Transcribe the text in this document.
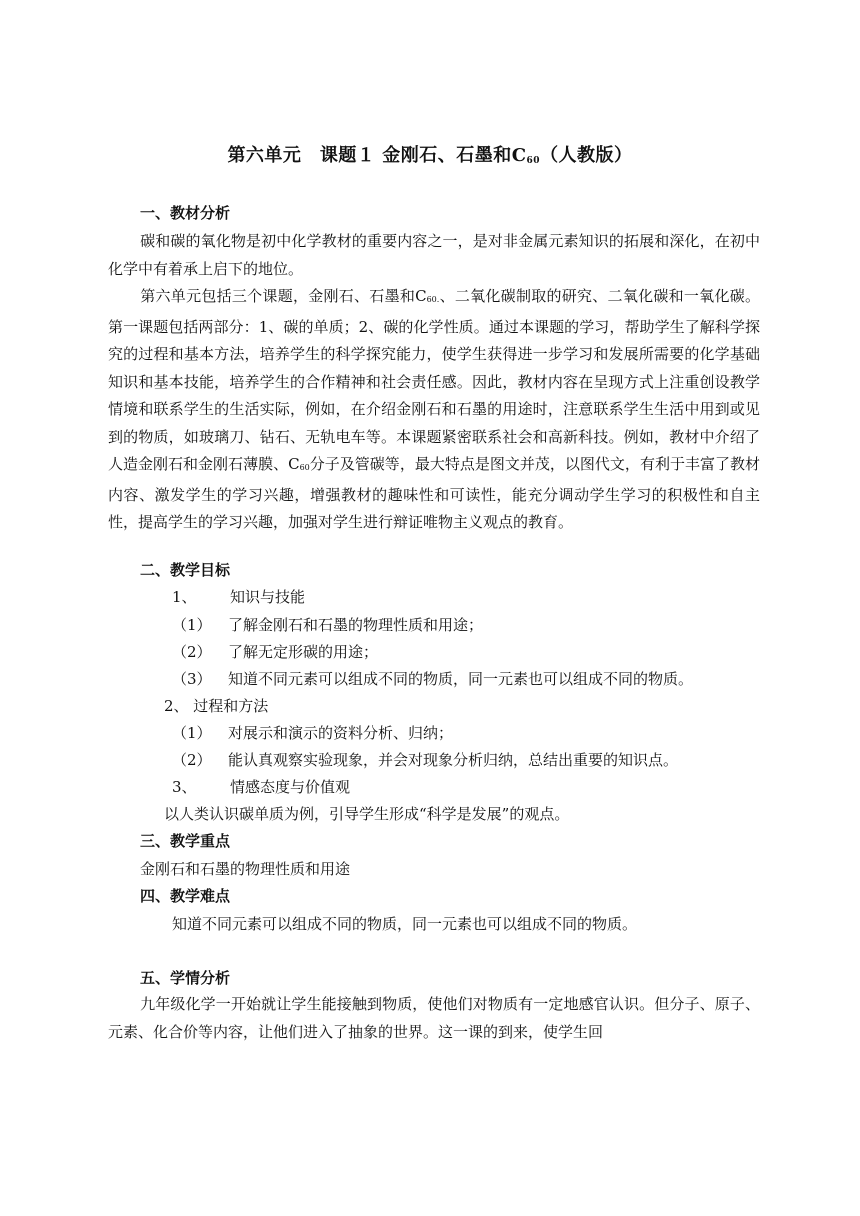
第六单元　课题１ 金刚石、石墨和$C_{60}$（人教版）
一、教材分析
碳和碳的氧化物是初中化学教材的重要内容之一，是对非金属元素知识的拓展和深化，在初中化学中有着承上启下的地位。
第六单元包括三个课题，金刚石、石墨和$C_{60.}$、二氧化碳制取的研究、二氧化碳和一氧化碳。第一课题包括两部分：1、碳的单质；2、碳的化学性质。通过本课题的学习，帮助学生了解科学探究的过程和基本方法，培养学生的科学探究能力，使学生获得进一步学习和发展所需要的化学基础知识和基本技能，培养学生的合作精神和社会责任感。因此，教材内容在呈现方式上注重创设教学情境和联系学生的生活实际，例如，在介绍金刚石和石墨的用途时，注意联系学生生活中用到或见到的物质，如玻璃刀、钻石、无轨电车等。本课题紧密联系社会和高新科技。例如，教材中介绍了人造金刚石和金刚石薄膜、$C_{60}$分子及管碳等，最大特点是图文并茂，以图代文，有利于丰富了教材内容、激发学生的学习兴趣，增强教材的趣味性和可读性，能充分调动学生学习的积极性和自主性，提高学生的学习兴趣，加强对学生进行辩证唯物主义观点的教育。
二、教学目标
1、 知识与技能
（1） 了解金刚石和石墨的物理性质和用途；
（2） 了解无定形碳的用途；
（3） 知道不同元素可以组成不同的物质，同一元素也可以组成不同的物质。
2、 过程和方法
（1） 对展示和演示的资料分析、归纳；
（2） 能认真观察实验现象，并会对现象分析归纳，总结出重要的知识点。
3、 情感态度与价值观
以人类认识碳单质为例，引导学生形成“科学是发展”的观点。
三、教学重点
金刚石和石墨的物理性质和用途
四、教学难点
知道不同元素可以组成不同的物质，同一元素也可以组成不同的物质。
五、学情分析
九年级化学一开始就让学生能接触到物质，使他们对物质有一定地感官认识。但分子、原子、元素、化合价等内容，让他们进入了抽象的世界。这一课的到来，使学生回
